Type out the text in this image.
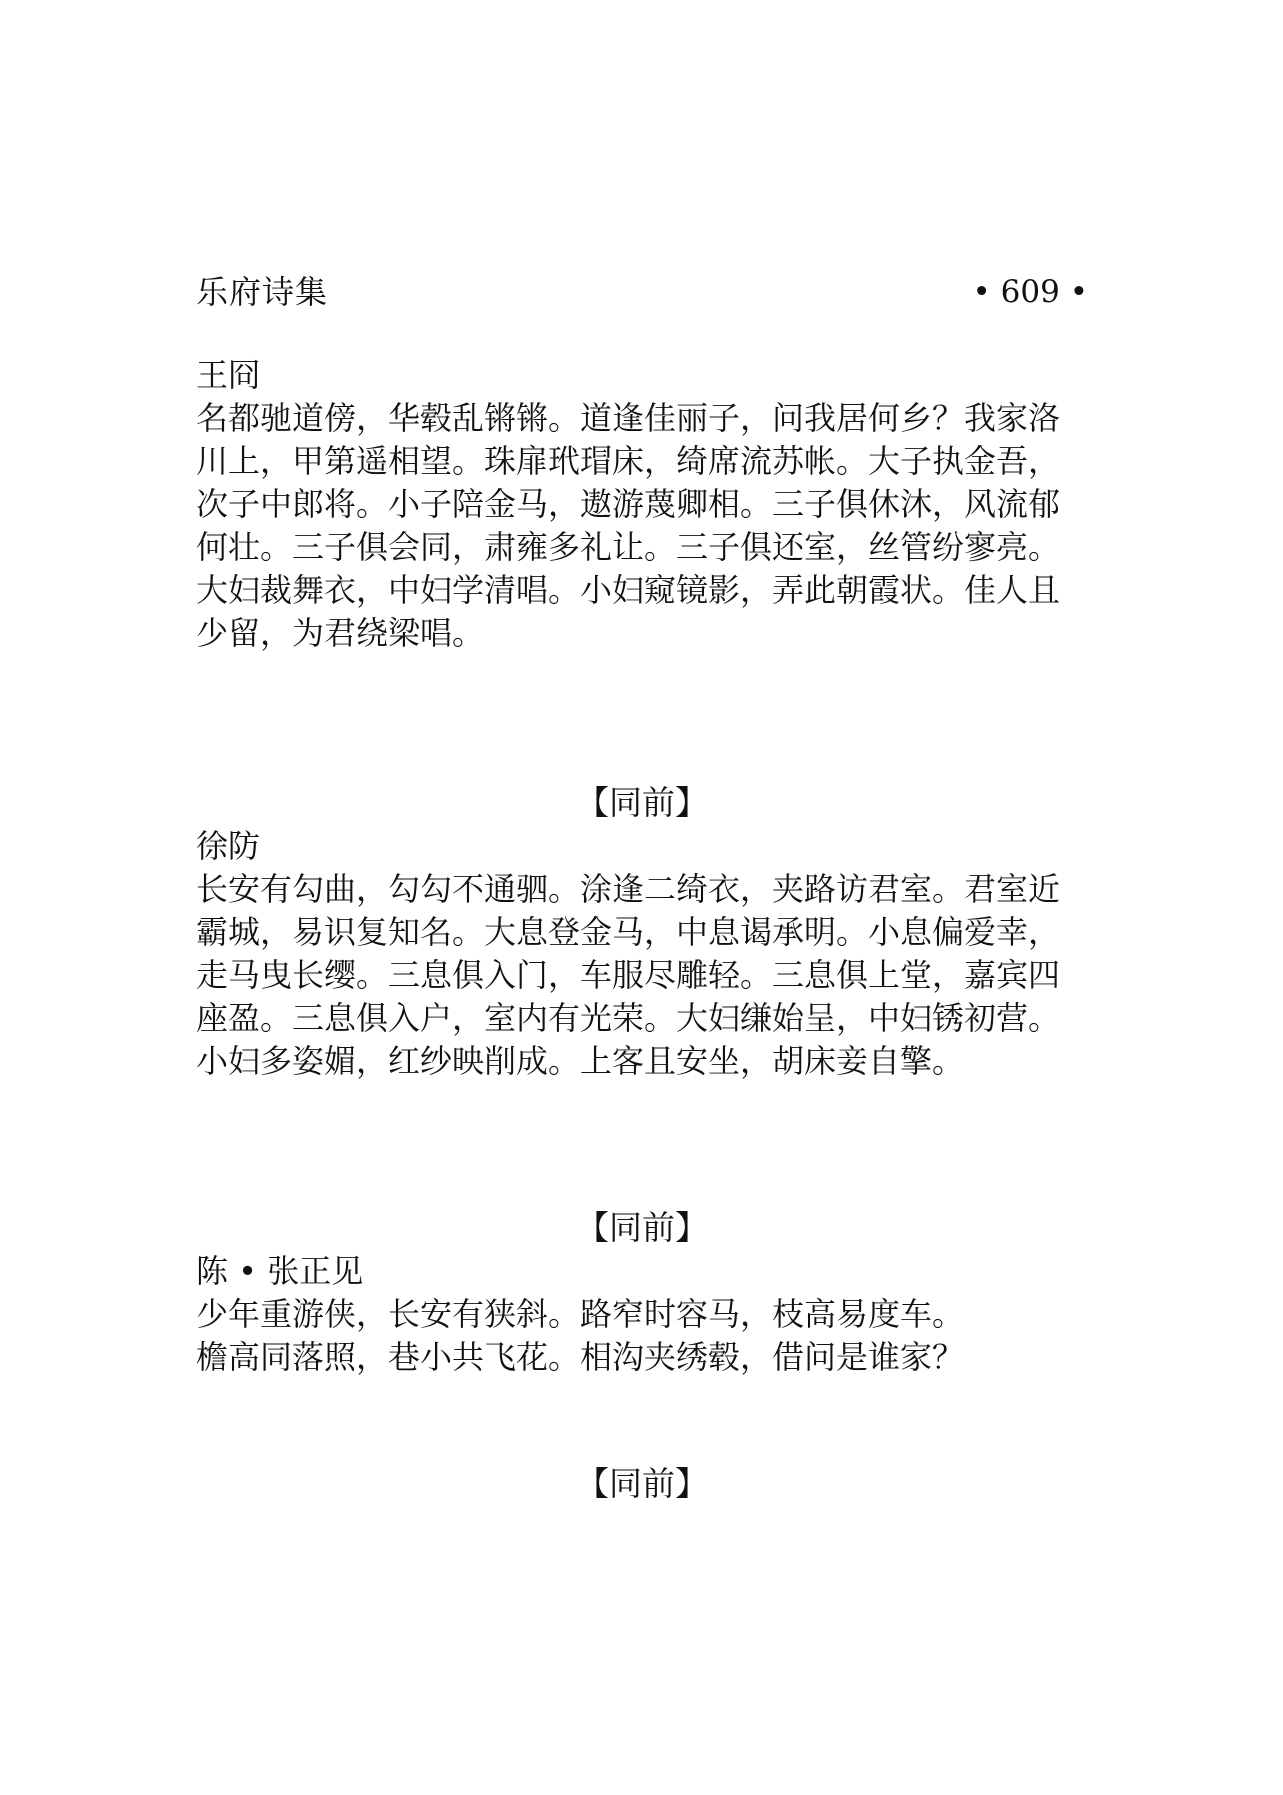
乐府诗集	• 609 •
王冏
名都驰道傍，华毂乱锵锵。道逢佳丽子，问我居何乡？我家洛
川上，甲第遥相望。珠扉玳瑁床，绮席流苏帐。大子执金吾，
次子中郎将。小子陪金马，遨游蔑卿相。三子俱休沐，风流郁
何壮。三子俱会同，肃雍多礼让。三子俱还室，丝管纷寥亮。
大妇裁舞衣，中妇学清唱。小妇窥镜影，弄此朝霞状。佳人且
少留，为君绕梁唱。
【同前】
徐防
长安有勾曲，勾勾不通驷。涂逢二绮衣，夹路访君室。君室近
霸城，易识复知名。大息登金马，中息谒承明。小息偏爱幸，
走马曳长缨。三息俱入门，车服尽雕轻。三息俱上堂，嘉宾四
座盈。三息俱入户，室内有光荣。大妇缣始呈，中妇锈初营。
小妇多姿媚，红纱映削成。上客且安坐，胡床妾自擎。
【同前】
陈 • 张正见
少年重游侠，长安有狭斜。路窄时容马，枝高易度车。
檐高同落照，巷小共飞花。相沟夹绣毂，借问是谁家？
【同前】
